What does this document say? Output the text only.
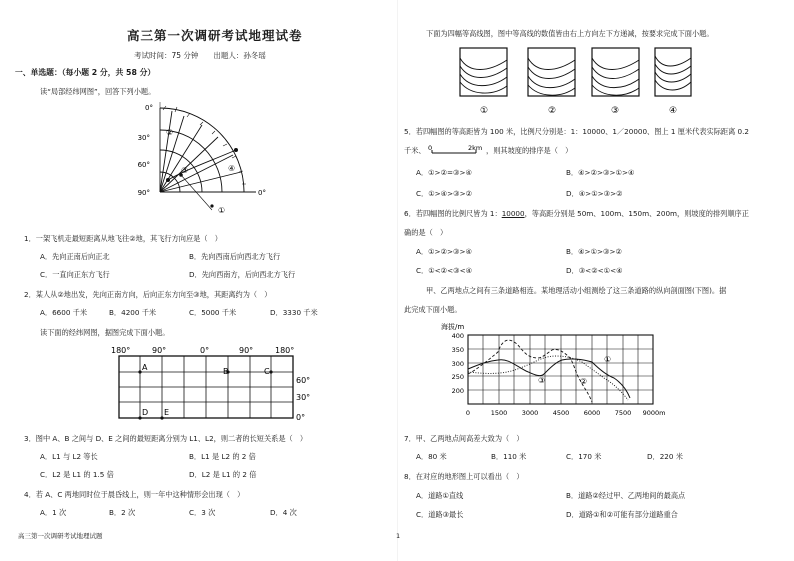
高三第一次调研考试地理试卷
考试时间：75 分钟　　出题人：孙冬瑶
一、单选题：（每小题 2 分，共 58 分）
读“局部经纬网图”，回答下列小题。
0°
30°
60°
90°	0°
②
③	④
①
1．一架飞机走最短距离从地飞往②地，其飞行方向应是（　）
A．先向正南后向正北	B．先向西南后向西北方飞行
C．一直向正东方飞行	D．先向西南方，后向西北方飞行
2．某人从②地出发，先向正南方向，后向正东方向至③地，其距离约为（　）
A．6600 千米	B．4200 千米	C．5000 千米	D．3330 千米
读下面的经纬网图，据图完成下面小题。
180°	90°	0°	90°	180°
60°
30°
0°
A	B	C
D E
3．图中 A、B 之间与 D、E 之间的最短距离分别为 L1、L2，则二者的长短关系是（　）
A．L1 与 L2 等长	B．L1 是 L2 的 2 倍
C．L2 是 L1 的 1.5 倍	D．L2 是 L1 的 2 倍
4．若 A、C 两地同时位于晨昏线上，则一年中这种情形会出现（　）
A．1 次	B．2 次	C．3 次	D．4 次
高三第一次调研考试地理试题	1
下面为四幅等高线图，图中等高线的数值皆由右上方向左下方递减，按要求完成下面小题。
①	②	③	④
5．若四幅图的等高距皆为 100 米，比例尺分别是：1：10000、1／20000、图上 1 厘米代表实际距离 0.2
千米、 0	2km ，则其坡度的排序是（　）
A．①>②=③>④	B．④>②>③>①>④
C．①>④>③>②	D．④>①>③>②
6．若四幅图的比例尺皆为 1：10000，等高距分别是 50m、100m、150m、200m，则坡度的排列顺序正
确的是（　）
A．①>②>③>④	B．④>①>③>②
C．①<②<③<④	D．③<②<①<④
甲、乙两地点之间有三条道路相连。某地理活动小组测绘了这三条道路的纵向剖面图(下图)。据
此完成下面小题。
海拔/m
400
350
300
250
200
0	1500 3000 4500 6000 7500 9000m
①
②
③
7．甲、乙两地点间高差大致为（　）
A．80 米	B．110 米	C．170 米	D．220 米
8．在对应的地形图上可以看出（　）
A．道路①直线	B．道路②经过甲、乙两地间的最高点
C．道路③最长	D．道路①和②可能有部分道路重合
